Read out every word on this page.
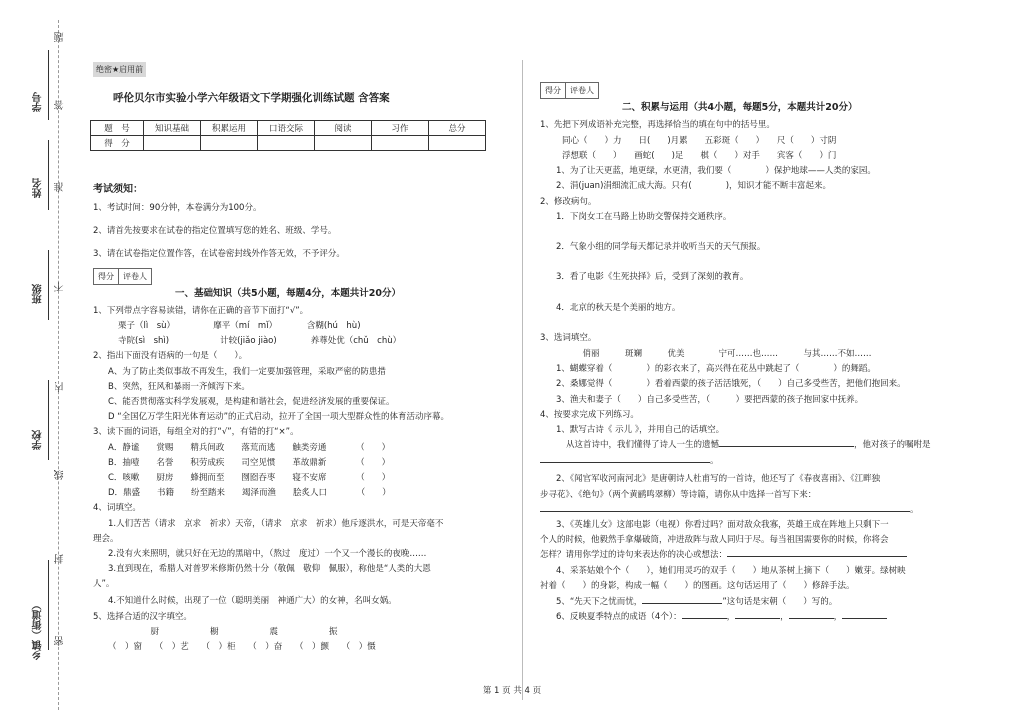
学号
姓名
班级
学校
乡镇（街道）
题
答
准
不
内
线
封
密
绝密★启用前
呼伦贝尔市实验小学六年级语文下学期强化训练试题 含答案
题　号	知识基础	积累运用	口语交际	阅读	习作	总分
得　分						
考试须知：
1、考试时间：90分钟，本卷满分为100分。
2、请首先按要求在试卷的指定位置填写您的姓名、班级、学号。
3、请在试卷指定位置作答，在试卷密封线外作答无效，不予评分。
得分	评卷人
一、基础知识（共5小题，每题4分，本题共计20分）
1、下列带点字容易读错，请你在正确的音节下面打“√”。
栗子（lì　sù）　　　　　靡平（mí　mǐ）　　　　含糊(hú　hù)
寺院(sì　shì)　　　　　　计较(jiǎo jiào)　　　　养尊处优（chǔ　chù）
2、指出下面没有语病的一句是（　　）。
A、为了防止类似事故不再发生，我们一定要加强管理，采取严密的防患措
B、突然，狂风和暴雨一齐倾泻下来。
C、能否贯彻落实科学发展观，是构建和谐社会，促进经济发展的重要保证。
D “全国亿万学生阳光体育运动”的正式启动，拉开了全国一项大型群众性的体育活动序幕。
3、读下面的词语，每组全对的打“√”，有错的打“×”。
A．静谧　　赏赐　　精兵间政　　落荒而逃　　触类旁通　　　　（　　）
B．抽噎　　名誉　　积劳成疾　　司空见惯　　革故鼎新　　　　（　　）
C．咳嗽　　厨房　　蜂拥而至　　囫囵吞枣　　寝不安席　　　　（　　）
D．鼎盛　　书籍　　纷至踏来　　竭泽而渔　　脍炙人口　　　　（　　）
4、词填空。
1.人们苦苦（请求　京求　祈求）天帝，（请求　京求　祈求）他斥逐洪水，可是天帝毫不
理会。
2.没有火来照明，就只好在无边的黑暗中，（熬过　度过）一个又一个漫长的夜晚……
3.直到现在，希腊人对普罗米修斯仍然十分（敬佩　敬仰　佩服），称他是“人类的大恩
人”。
4.不知道什么时候，出现了一位（聪明美丽　神通广大）的女神，名叫女娲。
5、选择合适的汉字填空。
　　　　　厨　　　　　　橱　　　　　　震　　　　　　振
（　）窗　　（　）艺　　（　）柜　　（　）奋　　（　）颤　　（　）慑
得分	评卷人
二、积累与运用（共4小题，每题5分，本题共计20分）
1、先把下列成语补充完整，再选择恰当的填在句中的括号里。
同心（　　）力　　日(　　)月累　　五彩斑（　　）　　尺（　　）寸阴
浮想联（　　）　　画蛇(　　)足　　棋（　　）对手　　宾客（　　）门
1、为了让天更蓝，地更绿，水更清，我们要（　　　　）保护地球——人类的家园。
2、涓(juan)涓细流汇成大海。只有(　　　　)，知识才能不断丰富起来。
2、修改病句。
1．下岗女工在马路上协助交警保持交通秩序。
2．气象小组的同学每天都记录并收听当天的天气预报。
3．看了电影《生死抉择》后，受到了深刻的教育。
4．北京的秋天是个美丽的地方。
3、选词填空。
　俏丽　　　斑斓　　　优美　　　　宁可……也……　　　与其……不如……
1、蝴蝶穿着（　　　　）的彩衣来了，高兴得在花丛中跳起了（　　　　）的舞蹈。
2、桑娜觉得（　　　　）看着西蒙的孩子活活饿死，（　　）自己多受些苦，把他们抱回来。
3、渔夫和妻子（　　）自己多受些苦，（　　　）要把西蒙的孩子抱回家中抚养。
4、按要求完成下列练习。
1、默写古诗《 示儿 》，并用自己的话填空。
从这首诗中，我们懂得了诗人一生的遗憾	，他对孩子的嘱咐是
。
2、《闻官军收河南河北》是唐朝诗人杜甫写的一首诗，他还写了《春夜喜雨》、《江畔独
步寻花》、《绝句》（两个黄鹂鸣翠柳）等诗篇，请你从中选择一首写下来：
。
3、《英雄儿女》这部电影（电视）你看过吗？面对敌众我寡，英雄王成在阵地上只剩下一
个人的时候，他毅然手拿爆破筒，冲进敌阵与敌人同归于尽。每当祖国需要你的时候，你将会
怎样？请用你学过的诗句来表达你的决心或想法：
4、采茶姑娘个个（　　），她们用灵巧的双手（　　）地从茶树上摘下（　　）嫩芽。绿树映
衬着（　　）的身影，构成一幅（　　）的图画。这句话运用了（　　）修辞手法。
5、“先天下之忧而忧，	”这句话是宋朝（　　）写的。
6、反映夏季特点的成语（4个）：	，	，	，
第 1 页 共 4 页
